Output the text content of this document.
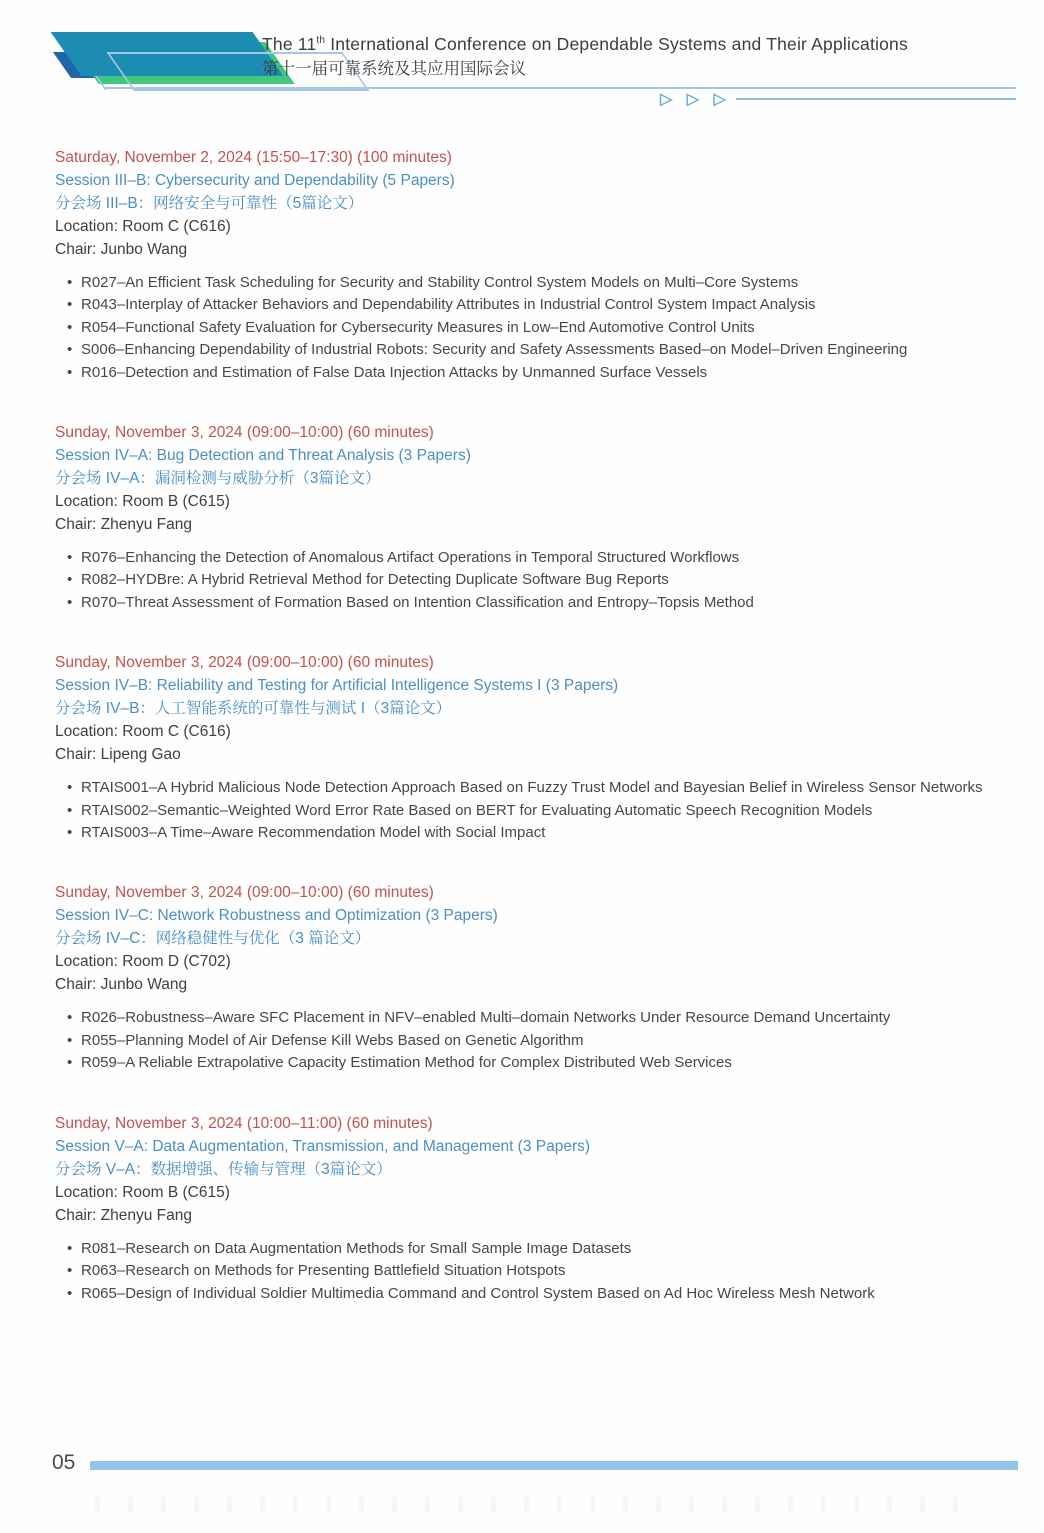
The 11th International Conference on Dependable Systems and Their Applications
第十一届可靠系统及其应用国际会议
▷ ▷ ▷
Saturday, November 2, 2024 (15:50–17:30) (100 minutes)
Session III–B: Cybersecurity and Dependability (5 Papers)
分会场 III–B：网络安全与可靠性（5篇论文）
Location: Room C (C616)
Chair: Junbo Wang
• R027–An Efficient Task Scheduling for Security and Stability Control System Models on Multi–Core Systems
• R043–Interplay of Attacker Behaviors and Dependability Attributes in Industrial Control System Impact Analysis
• R054–Functional Safety Evaluation for Cybersecurity Measures in Low–End Automotive Control Units
• S006–Enhancing Dependability of Industrial Robots: Security and Safety Assessments Based–on Model–Driven Engineering
• R016–Detection and Estimation of False Data Injection Attacks by Unmanned Surface Vessels
Sunday, November 3, 2024 (09:00–10:00) (60 minutes)
Session IV–A: Bug Detection and Threat Analysis (3 Papers)
分会场 IV–A：漏洞检测与威胁分析（3篇论文）
Location: Room B (C615)
Chair: Zhenyu Fang
• R076–Enhancing the Detection of Anomalous Artifact Operations in Temporal Structured Workflows
• R082–HYDBre: A Hybrid Retrieval Method for Detecting Duplicate Software Bug Reports
• R070–Threat Assessment of Formation Based on Intention Classification and Entropy–Topsis Method
Sunday, November 3, 2024 (09:00–10:00) (60 minutes)
Session IV–B: Reliability and Testing for Artificial Intelligence Systems I (3 Papers)
分会场 IV–B：人工智能系统的可靠性与测试 I（3篇论文）
Location: Room C (C616)
Chair: Lipeng Gao
• RTAIS001–A Hybrid Malicious Node Detection Approach Based on Fuzzy Trust Model and Bayesian Belief in Wireless Sensor Networks
• RTAIS002–Semantic–Weighted Word Error Rate Based on BERT for Evaluating Automatic Speech Recognition Models
• RTAIS003–A Time–Aware Recommendation Model with Social Impact
Sunday, November 3, 2024 (09:00–10:00) (60 minutes)
Session IV–C: Network Robustness and Optimization (3 Papers)
分会场 IV–C：网络稳健性与优化（3 篇论文）
Location: Room D (C702)
Chair: Junbo Wang
• R026–Robustness–Aware SFC Placement in NFV–enabled Multi–domain Networks Under Resource Demand Uncertainty
• R055–Planning Model of Air Defense Kill Webs Based on Genetic Algorithm
• R059–A Reliable Extrapolative Capacity Estimation Method for Complex Distributed Web Services
Sunday, November 3, 2024 (10:00–11:00) (60 minutes)
Session V–A: Data Augmentation, Transmission, and Management (3 Papers)
分会场 V–A：数据增强、传输与管理（3篇论文）
Location: Room B (C615)
Chair: Zhenyu Fang
• R081–Research on Data Augmentation Methods for Small Sample Image Datasets
• R063–Research on Methods for Presenting Battlefield Situation Hotspots
• R065–Design of Individual Soldier Multimedia Command and Control System Based on Ad Hoc Wireless Mesh Network
05
